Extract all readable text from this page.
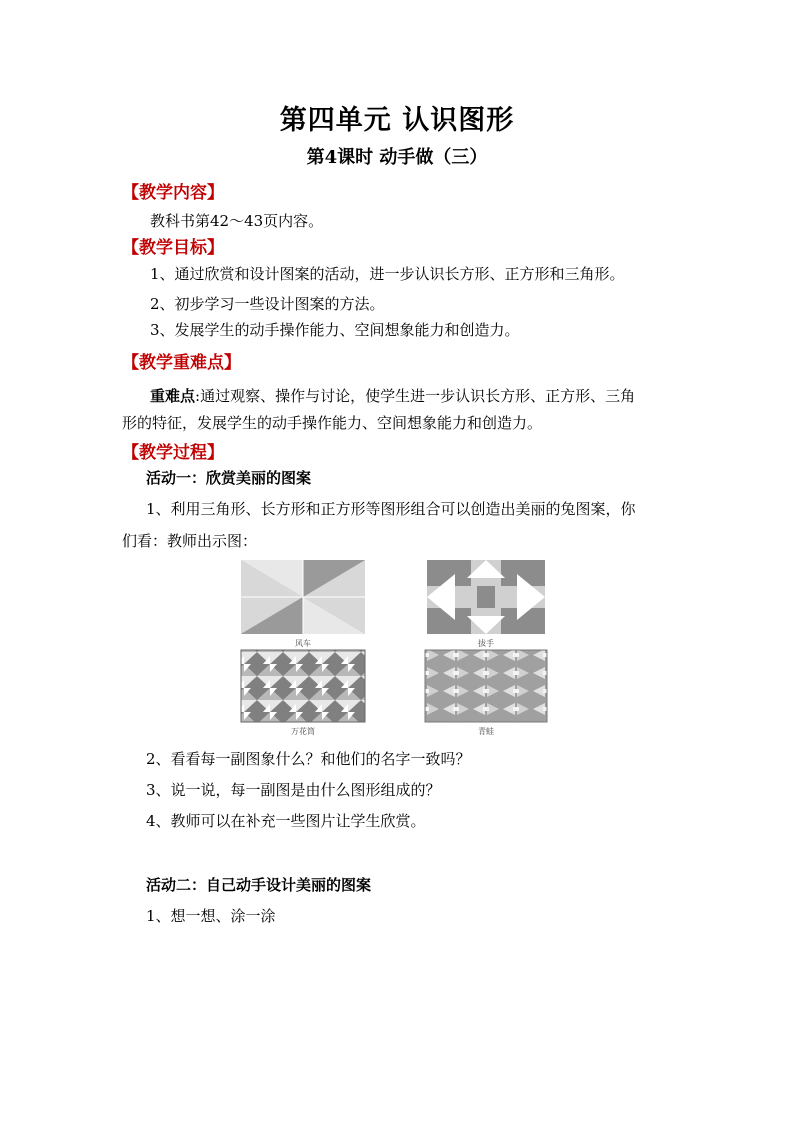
第四单元 认识图形
第4课时 动手做（三）
【教学内容】
教科书第42～43页内容。
【教学目标】
1、通过欣赏和设计图案的活动，进一步认识长方形、正方形和三角形。
2、初步学习一些设计图案的方法。
3、发展学生的动手操作能力、空间想象能力和创造力。
【教学重难点】
重难点:通过观察、操作与讨论，使学生进一步认识长方形、正方形、三角
形的特征，发展学生的动手操作能力、空间想象能力和创造力。
【教学过程】
活动一：欣赏美丽的图案
1、利用三角形、长方形和正方形等图形组合可以创造出美丽的兔图案，你
们看：教师出示图：
风车	拔手
万花筒	青蛙
2、看看每一副图象什么？和他们的名字一致吗？
3、说一说，每一副图是由什么图形组成的？
4、教师可以在补充一些图片让学生欣赏。
活动二：自己动手设计美丽的图案
1、想一想、涂一涂
